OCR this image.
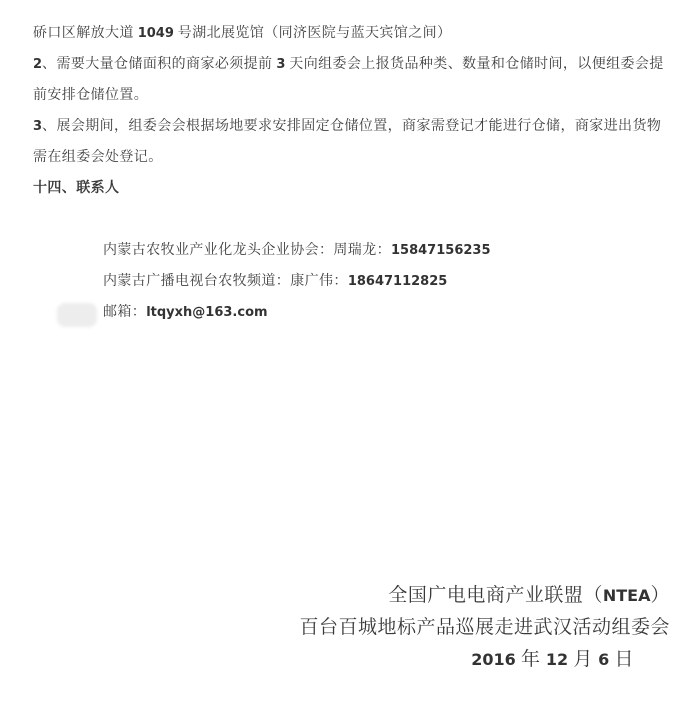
硚口区解放大道 1049 号湖北展览馆（同济医院与蓝天宾馆之间）
2、需要大量仓储面积的商家必须提前 3 天向组委会上报货品种类、数量和仓储时间，以便组委会提
前安排仓储位置。
3、展会期间，组委会会根据场地要求安排固定仓储位置，商家需登记才能进行仓储，商家进出货物
需在组委会处登记。
十四、联系人
内蒙古农牧业产业化龙头企业协会：周瑞龙：15847156235
内蒙古广播电视台农牧频道：康广伟：18647112825
邮箱：ltqyxh@163.com
全国广电电商产业联盟（NTEA）
百台百城地标产品巡展走进武汉活动组委会
2016 年 12 月 6 日
